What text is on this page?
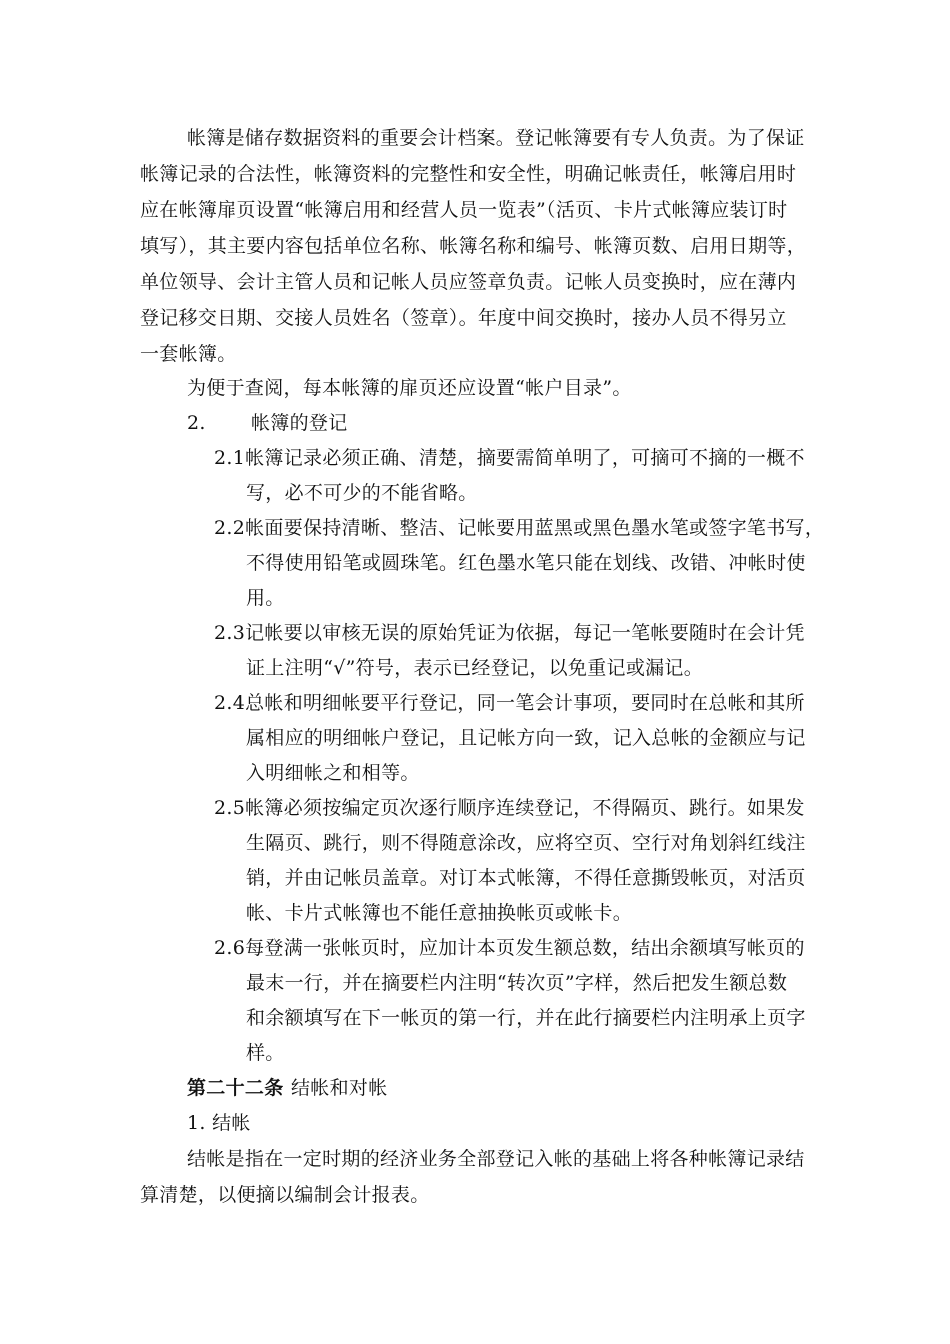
帐簿是储存数据资料的重要会计档案。登记帐簿要有专人负责。为了保证
帐簿记录的合法性，帐簿资料的完整性和安全性，明确记帐责任，帐簿启用时
应在帐簿扉页设置“帐簿启用和经营人员一览表”（活页、卡片式帐簿应装订时
填写），其主要内容包括单位名称、帐簿名称和编号、帐簿页数、启用日期等，
单位领导、会计主管人员和记帐人员应签章负责。记帐人员变换时，应在薄内
登记移交日期、交接人员姓名（签章）。年度中间交换时，接办人员不得另立
一套帐簿。
为便于查阅，每本帐簿的扉页还应设置“帐户目录”。
2. 帐簿的登记
2.1帐簿记录必须正确、清楚，摘要需简单明了，可摘可不摘的一概不
写，必不可少的不能省略。
2.2帐面要保持清晰、整洁、记帐要用蓝黑或黑色墨水笔或签字笔书写，
不得使用铅笔或圆珠笔。红色墨水笔只能在划线、改错、冲帐时使
用。
2.3记帐要以审核无误的原始凭证为依据，每记一笔帐要随时在会计凭
证上注明“√”符号，表示已经登记，以免重记或漏记。
2.4总帐和明细帐要平行登记，同一笔会计事项，要同时在总帐和其所
属相应的明细帐户登记，且记帐方向一致，记入总帐的金额应与记
入明细帐之和相等。
2.5帐簿必须按编定页次逐行顺序连续登记，不得隔页、跳行。如果发
生隔页、跳行，则不得随意涂改，应将空页、空行对角划斜红线注
销，并由记帐员盖章。对订本式帐簿，不得任意撕毁帐页，对活页
帐、卡片式帐簿也不能任意抽换帐页或帐卡。
2.6每登满一张帐页时，应加计本页发生额总数，结出余额填写帐页的
最末一行，并在摘要栏内注明“转次页”字样，然后把发生额总数
和余额填写在下一帐页的第一行，并在此行摘要栏内注明承上页字
样。
第二十二条 结帐和对帐
1. 结帐
结帐是指在一定时期的经济业务全部登记入帐的基础上将各种帐簿记录结
算清楚，以便摘以编制会计报表。
